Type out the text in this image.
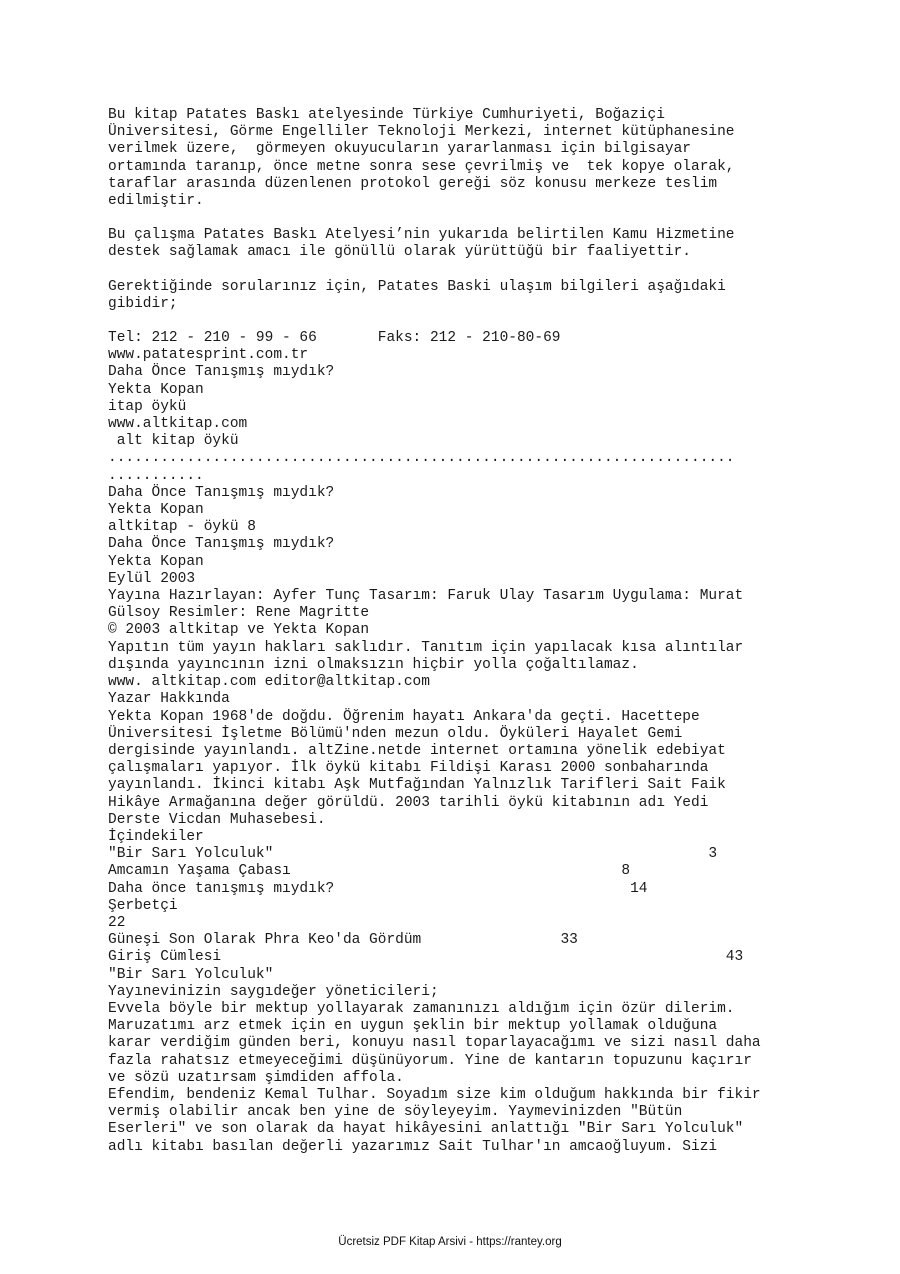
Bu kitap Patates Baskı atelyesinde Türkiye Cumhuriyeti, Boğaziçi
Üniversitesi, Görme Engelliler Teknoloji Merkezi, internet kütüphanesine
verilmek üzere,  görmeyen okuyucuların yararlanması için bilgisayar
ortamında taranıp, önce metne sonra sese çevrilmiş ve  tek kopye olarak,
taraflar arasında düzenlenen protokol gereği söz konusu merkeze teslim
edilmiştir.
Bu çalışma Patates Baskı Atelyesi’nin yukarıda belirtilen Kamu Hizmetine
destek sağlamak amacı ile gönüllü olarak yürüttüğü bir faaliyettir.
Gerektiğinde sorularınız için, Patates Baski ulaşım bilgileri aşağıdaki
gibidir;
Tel: 212 - 210 - 99 - 66       Faks: 212 - 210-80-69
www.patatesprint.com.tr
Daha Önce Tanışmış mıydık?
Yekta Kopan
itap öykü
www.altkitap.com
alt kitap öykü
........................................................................
...........
Daha Önce Tanışmış mıydık?
Yekta Kopan
altkitap - öykü 8
Daha Önce Tanışmış mıydık?
Yekta Kopan
Eylül 2003
Yayına Hazırlayan: Ayfer Tunç Tasarım: Faruk Ulay Tasarım Uygulama: Murat
Gülsoy Resimler: Rene Magritte
© 2003 altkitap ve Yekta Kopan
Yapıtın tüm yayın hakları saklıdır. Tanıtım için yapılacak kısa alıntılar
dışında yayıncının izni olmaksızın hiçbir yolla çoğaltılamaz.
www. altkitap.com editor@altkitap.com
Yazar Hakkında
Yekta Kopan 1968'de doğdu. Öğrenim hayatı Ankara'da geçti. Hacettepe
Üniversitesi İşletme Bölümü'nden mezun oldu. Öyküleri Hayalet Gemi
dergisinde yayınlandı. altZine.netde internet ortamına yönelik edebiyat
çalışmaları yapıyor. İlk öykü kitabı Fildişi Karası 2000 sonbaharında
yayınlandı. İkinci kitabı Aşk Mutfağından Yalnızlık Tarifleri Sait Faik
Hikâye Armağanına değer görüldü. 2003 tarihli öykü kitabının adı Yedi
Derste Vicdan Muhasebesi.
İçindekiler
"Bir Sarı Yolculuk"                                                  3
Amcamın Yaşama Çabası                                      8
Daha önce tanışmış mıydık?                                  14
Şerbetçi
22
Güneşi Son Olarak Phra Keo'da Gördüm                33
Giriş Cümlesi                                                          43
"Bir Sarı Yolculuk"
Yayınevinizin saygıdeğer yöneticileri;
Evvela böyle bir mektup yollayarak zamanınızı aldığım için özür dilerim.
Maruzatımı arz etmek için en uygun şeklin bir mektup yollamak olduğuna
karar verdiğim günden beri, konuyu nasıl toparlayacağımı ve sizi nasıl daha
fazla rahatsız etmeyeceğimi düşünüyorum. Yine de kantarın topuzunu kaçırır
ve sözü uzatırsam şimdiden affola.
Efendim, bendeniz Kemal Tulhar. Soyadım size kim olduğum hakkında bir fikir
vermiş olabilir ancak ben yine de söyleyeyim. Yaymevinizden "Bütün
Eserleri" ve son olarak da hayat hikâyesini anlattığı "Bir Sarı Yolculuk"
adlı kitabı basılan değerli yazarımız Sait Tulhar'ın amcaoğluyum. Sizi
Ücretsiz PDF Kitap Arsivi - https://rantey.org
